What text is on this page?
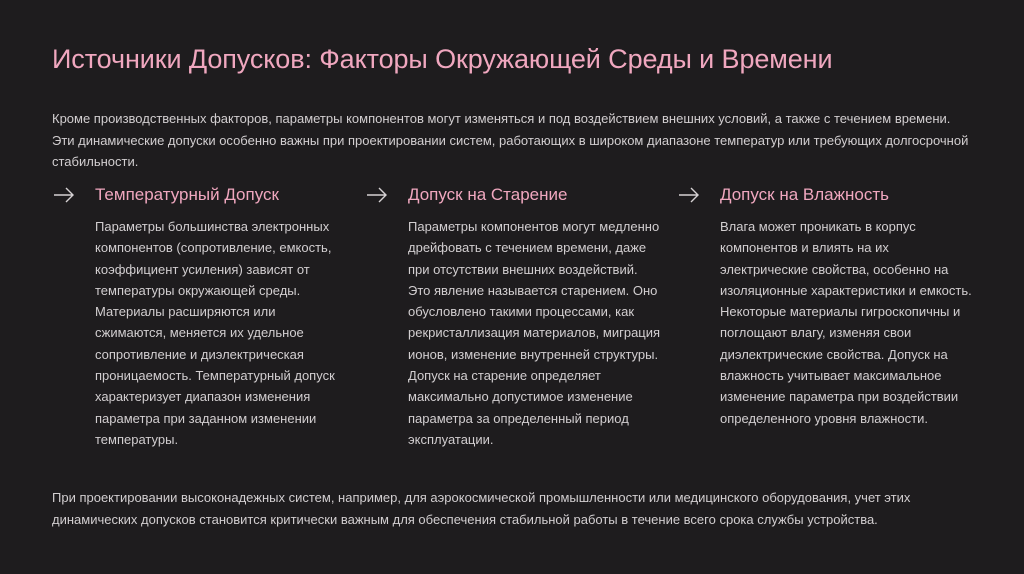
Источники Допусков: Факторы Окружающей Среды и Времени

Кроме производственных факторов, параметры компонентов могут изменяться и под воздействием внешних условий, а также с течением времени. Эти динамические допуски особенно важны при проектировании систем, работающих в широком диапазоне температур или требующих долгосрочной стабильности.

Температурный Допуск

Параметры большинства электронных компонентов (сопротивление, емкость, коэффициент усиления) зависят от температуры окружающей среды. Материалы расширяются или сжимаются, меняется их удельное сопротивление и диэлектрическая проницаемость. Температурный допуск характеризует диапазон изменения параметра при заданном изменении температуры.

Допуск на Старение

Параметры компонентов могут медленно дрейфовать с течением времени, даже при отсутствии внешних воздействий. Это явление называется старением. Оно обусловлено такими процессами, как рекристаллизация материалов, миграция ионов, изменение внутренней структуры. Допуск на старение определяет максимально допустимое изменение параметра за определенный период эксплуатации.

Допуск на Влажность

Влага может проникать в корпус компонентов и влиять на их электрические свойства, особенно на изоляционные характеристики и емкость. Некоторые материалы гигроскопичны и поглощают влагу, изменяя свои диэлектрические свойства. Допуск на влажность учитывает максимальное изменение параметра при воздействии определенного уровня влажности.

При проектировании высоконадежных систем, например, для аэрокосмической промышленности или медицинского оборудования, учет этих динамических допусков становится критически важным для обеспечения стабильной работы в течение всего срока службы устройства.
